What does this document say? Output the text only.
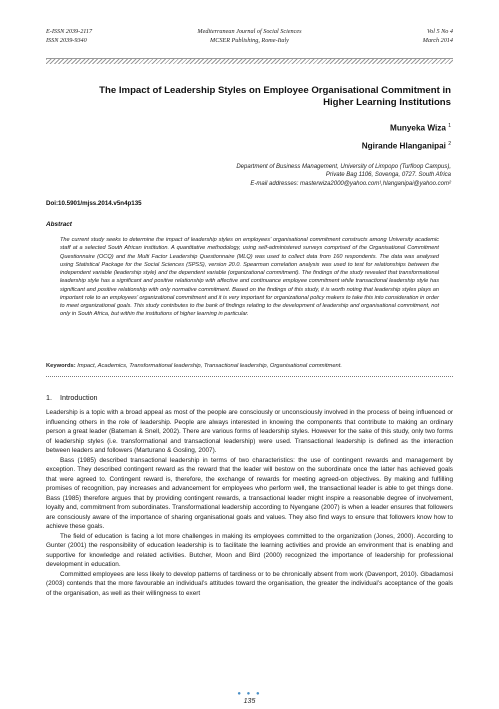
E-ISSN 2039-2117
ISSN 2039-9340
Mediterranean Journal of Social Sciences
MCSER Publishing, Rome-Italy
Vol 5 No 4
March 2014
The Impact of Leadership Styles on Employee Organisational Commitment in
Higher Learning Institutions
Munyeka Wiza $^1$
Ngirande Hlanganipai $^2$
Department of Business Management, University of Limpopo (Turfloop Campus),
Private Bag 1106, Sovenga, 0727. South Africa
E-mail addresses: masterwiza2000@yahoo.com¹,hlanganipai@yahoo.com²
Doi:10.5901/mjss.2014.v5n4p135
Abstract
The current study seeks to determine the impact of leadership styles on employees’ organisational commitment constructs among University academic staff at a selected South African institution. A quantitative methodology, using self-administered surveys comprised of the Organisational Commitment Questionnaire (OCQ) and the Multi Factor Leadership Questionnaire (MLQ) was used to collect data from 160 respondents. The data was analysed using Statistical Package for the Social Sciences (SPSS), version 20.0. Spearman correlation analysis was used to test for relationships between the independent variable (leadership style) and the dependent variable (organizational commitment). The findings of the study revealed that transformational leadership style has a significant and positive relationship with affective and continuance employee commitment while transactional leadership style has significant and positive relationship with only normative commitment. Based on the findings of this study, it is worth noting that leadership styles plays an important role to an employees’ organizational commitment and it is very important for organizational policy makers to take this into consideration in order to meet organizational goals. This study contributes to the bank of findings relating to the development of leadership and organisational commitment, not only in South Africa, but within the institutions of higher learning in particular.
Keywords: Impact, Academics, Transformational leadership, Transactional leadership, Organisational commitment.
1. Introduction

Leadership is a topic with a broad appeal as most of the people are consciously or unconsciously involved in the process of being influenced or influencing others in the role of leadership. People are always interested in knowing the components that contribute to making an ordinary person a great leader (Bateman & Snell, 2002). There are various forms of leadership styles. However for the sake of this study, only two forms of leadership styles (i.e. transformational and transactional leadership) were used. Transactional leadership is defined as the interaction between leaders and followers (Marturano & Gosling, 2007).

Bass (1985) described transactional leadership in terms of two characteristics: the use of contingent rewards and management by exception. They described contingent reward as the reward that the leader will bestow on the subordinate once the latter has achieved goals that were agreed to. Contingent reward is, therefore, the exchange of rewards for meeting agreed-on objectives. By making and fulfilling promises of recognition, pay increases and advancement for employees who perform well, the transactional leader is able to get things done. Bass (1985) therefore argues that by providing contingent rewards, a transactional leader might inspire a reasonable degree of involvement, loyalty and, commitment from subordinates. Transformational leadership according to Nyengane (2007) is when a leader ensures that followers are consciously aware of the importance of sharing organisational goals and values. They also find ways to ensure that followers know how to achieve these goals.

The field of education is facing a lot more challenges in making its employees committed to the organization (Jones, 2000). According to Gunter (2001) the responsibility of education leadership is to facilitate the learning activities and provide an environment that is enabling and supportive for knowledge and related activities. Butcher, Moon and Bird (2000) recognized the importance of leadership for professional development in education.

Committed employees are less likely to develop patterns of tardiness or to be chronically absent from work (Davenport, 2010). Gbadamosi (2003) contends that the more favourable an individual’s attitudes toward the organisation, the greater the individual’s acceptance of the goals of the organisation, as well as their willingness to exert

● ● ●
135
